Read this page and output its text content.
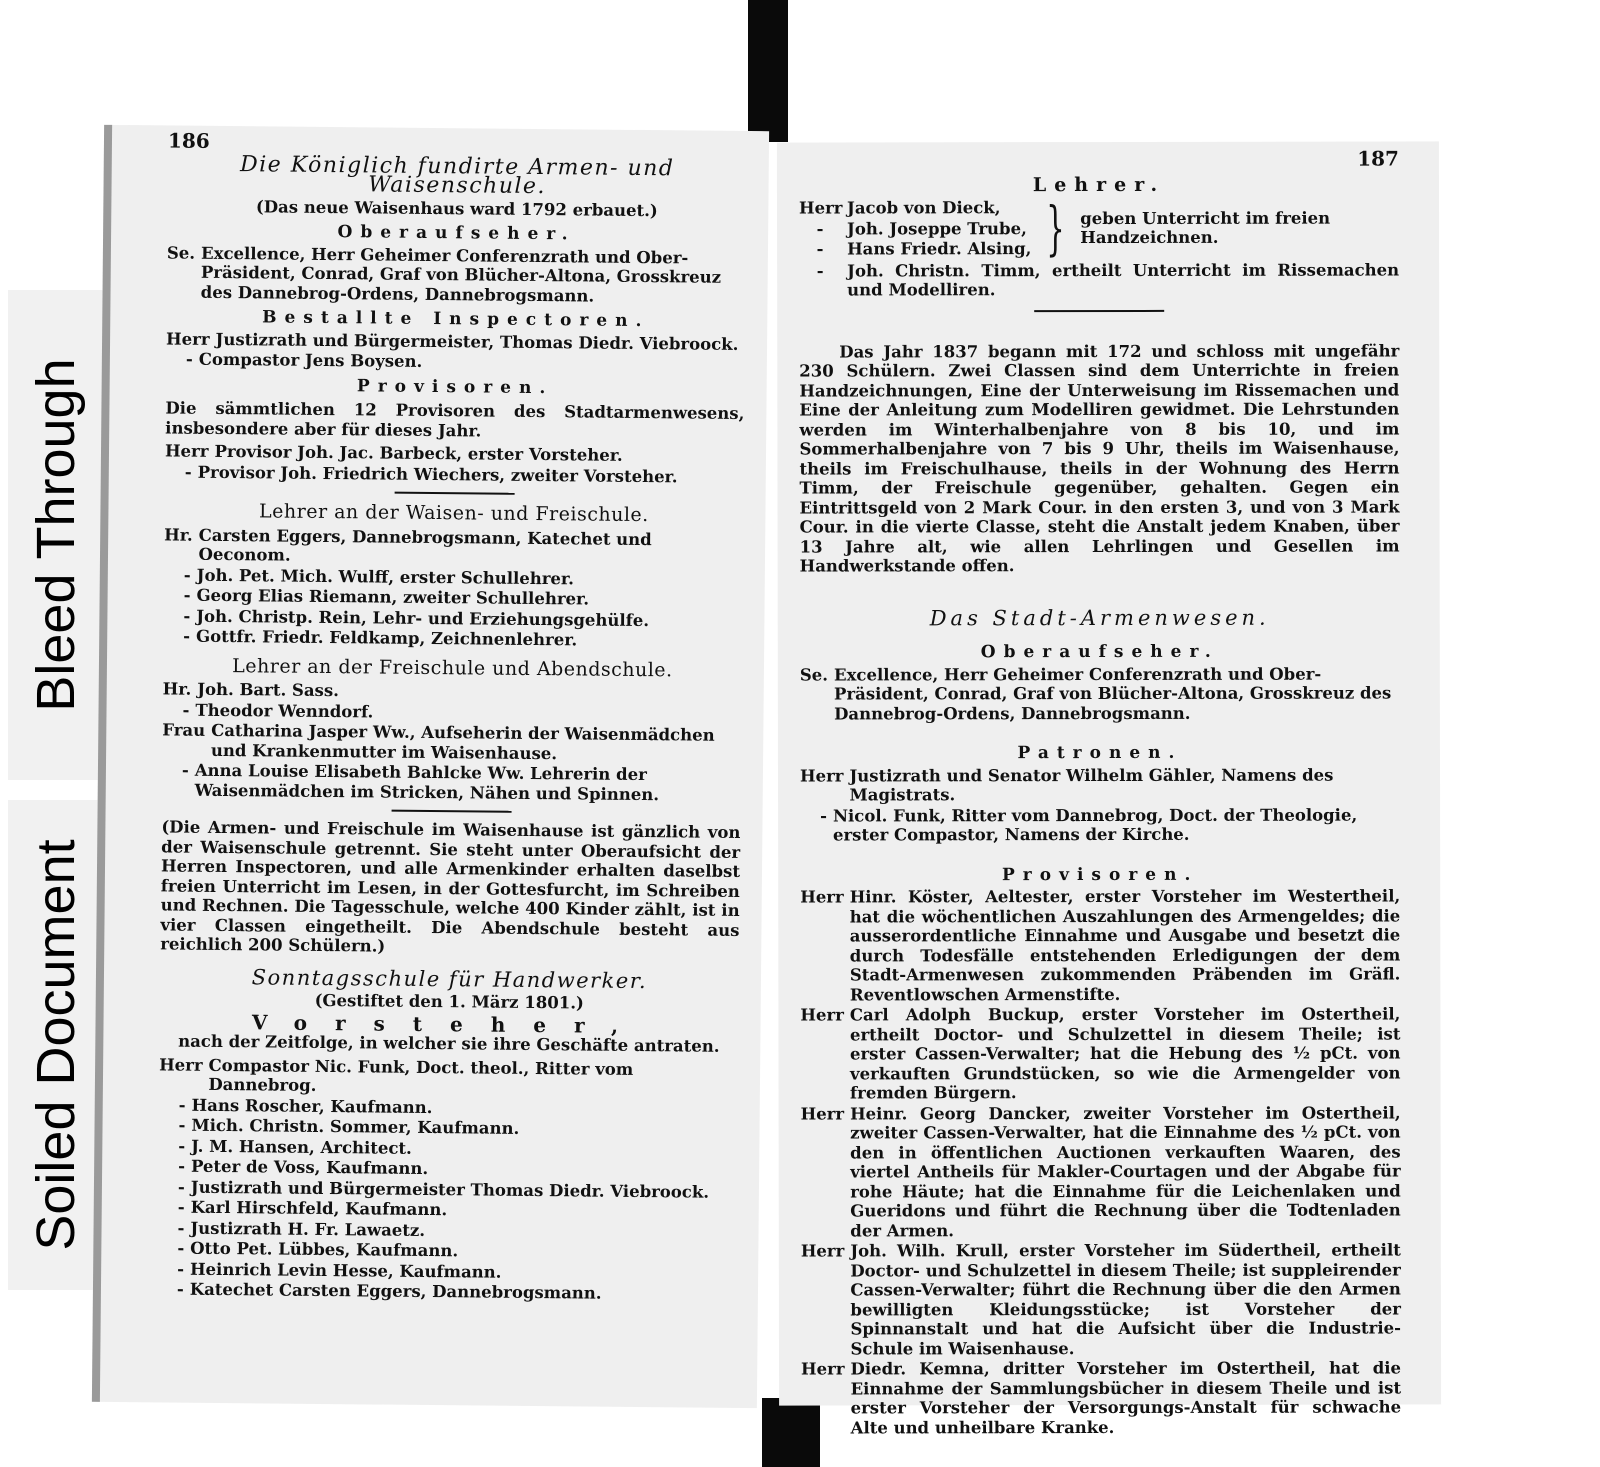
Bleed Through
Soiled Document
186
Die Königlich fundirte Armen- und Waisenschule.
(Das neue Waisenhaus ward 1792 erbauet.)
Oberaufseher.
Se. Excellence, Herr Geheimer Conferenzrath und Ober-Präsident, Conrad, Graf von Blücher-Altona, Grosskreuz des Dannebrog-Ordens, Dannebrogsmann.
Bestallte Inspectoren.
Herr Justizrath und Bürgermeister, Thomas Diedr. Viebroock.
- Compastor Jens Boysen.
Provisoren.
Die sämmtlichen 12 Provisoren des Stadtarmenwesens, insbesondere aber für dieses Jahr.
Herr Provisor Joh. Jac. Barbeck, erster Vorsteher.
- Provisor Joh. Friedrich Wiechers, zweiter Vorsteher.
Lehrer an der Waisen- und Freischule.
Hr. Carsten Eggers, Dannebrogsmann, Katechet und Oeconom.
- Joh. Pet. Mich. Wulff, erster Schullehrer.
- Georg Elias Riemann, zweiter Schullehrer.
- Joh. Christp. Rein, Lehr- und Erziehungsgehülfe.
- Gottfr. Friedr. Feldkamp, Zeichnenlehrer.
Lehrer an der Freischule und Abendschule.
Hr. Joh. Bart. Sass.
- Theodor Wenndorf.
Frau Catharina Jasper Ww., Aufseherin der Waisenmädchen und Krankenmutter im Waisenhause.
- Anna Louise Elisabeth Bahlcke Ww. Lehrerin der Waisenmädchen im Stricken, Nähen und Spinnen.
(Die Armen- und Freischule im Waisenhause ist gänzlich von der Waisenschule getrennt. Sie steht unter Oberaufsicht der Herren Inspectoren, und alle Armenkinder erhalten daselbst freien Unterricht im Lesen, in der Gottesfurcht, im Schreiben und Rechnen. Die Tagesschule, welche 400 Kinder zählt, ist in vier Classen eingetheilt. Die Abendschule besteht aus reichlich 200 Schülern.)
Sonntagsschule für Handwerker.
(Gestiftet den 1. März 1801.)
Vorsteher,
nach der Zeitfolge, in welcher sie ihre Geschäfte antraten.
Herr Compastor Nic. Funk, Doct. theol., Ritter vom Dannebrog.
- Hans Roscher, Kaufmann.
- Mich. Christn. Sommer, Kaufmann.
- J. M. Hansen, Architect.
- Peter de Voss, Kaufmann.
- Justizrath und Bürgermeister Thomas Diedr. Viebroock.
- Karl Hirschfeld, Kaufmann.
- Justizrath H. Fr. Lawaetz.
- Otto Pet. Lübbes, Kaufmann.
- Heinrich Levin Hesse, Kaufmann.
- Katechet Carsten Eggers, Dannebrogsmann.
187
Lehrer.
Herr Jacob von Dieck,
-	Joh. Joseppe Trube,
-	Hans Friedr. Alsing, } geben Unterricht im freien Handzeichnen.
-	Joh. Christn. Timm, ertheilt Unterricht im Rissemachen und Modelliren.
Das Jahr 1837 begann mit 172 und schloss mit ungefähr 230 Schülern. Zwei Classen sind dem Unterrichte in freien Handzeichnungen, Eine der Unterweisung im Rissemachen und Eine der Anleitung zum Modelliren gewidmet. Die Lehrstunden werden im Winterhalbenjahre von 8 bis 10, und im Sommerhalbenjahre von 7 bis 9 Uhr, theils im Waisenhause, theils im Freischulhause, theils in der Wohnung des Herrn Timm, der Freischule gegenüber, gehalten. Gegen ein Eintrittsgeld von 2 Mark Cour. in den ersten 3, und von 3 Mark Cour. in die vierte Classe, steht die Anstalt jedem Knaben, über 13 Jahre alt, wie allen Lehrlingen und Gesellen im Handwerkstande offen.
Das Stadt-Armenwesen.
Oberaufseher.
Se. Excellence, Herr Geheimer Conferenzrath und Ober-Präsident, Conrad, Graf von Blücher-Altona, Grosskreuz des Dannebrog-Ordens, Dannebrogsmann.
Patronen.
Herr Justizrath und Senator Wilhelm Gähler, Namens des Magistrats.
- Nicol. Funk, Ritter vom Dannebrog, Doct. der Theologie, erster Compastor, Namens der Kirche.
Provisoren.
Herr Hinr. Köster, Aeltester, erster Vorsteher im Westertheil, hat die wöchentlichen Auszahlungen des Armengeldes; die ausserordentliche Einnahme und Ausgabe und besetzt die durch Todesfälle entstehenden Erledigungen der dem Stadt-Armenwesen zukommenden Präbenden im Gräfl. Reventlowschen Armenstifte.
Herr Carl Adolph Buckup, erster Vorsteher im Ostertheil, ertheilt Doctor- und Schulzettel in diesem Theile; ist erster Cassen-Verwalter; hat die Hebung des ½ pCt. von verkauften Grundstücken, so wie die Armengelder von fremden Bürgern.
Herr Heinr. Georg Dancker, zweiter Vorsteher im Ostertheil, zweiter Cassen-Verwalter, hat die Einnahme des ½ pCt. von den in öffentlichen Auctionen verkauften Waaren, des viertel Antheils für Makler-Courtagen und der Abgabe für rohe Häute; hat die Einnahme für die Leichenlaken und Gueridons und führt die Rechnung über die Todtenladen der Armen.
Herr Joh. Wilh. Krull, erster Vorsteher im Südertheil, ertheilt Doctor- und Schulzettel in diesem Theile; ist suppleirender Cassen-Verwalter; führt die Rechnung über die den Armen bewilligten Kleidungsstücke; ist Vorsteher der Spinnanstalt und hat die Aufsicht über die Industrie-Schule im Waisenhause.
Herr Diedr. Kemna, dritter Vorsteher im Ostertheil, hat die Einnahme der Sammlungsbücher in diesem Theile und ist erster Vorsteher der Versorgungs-Anstalt für schwache Alte und unheilbare Kranke.
